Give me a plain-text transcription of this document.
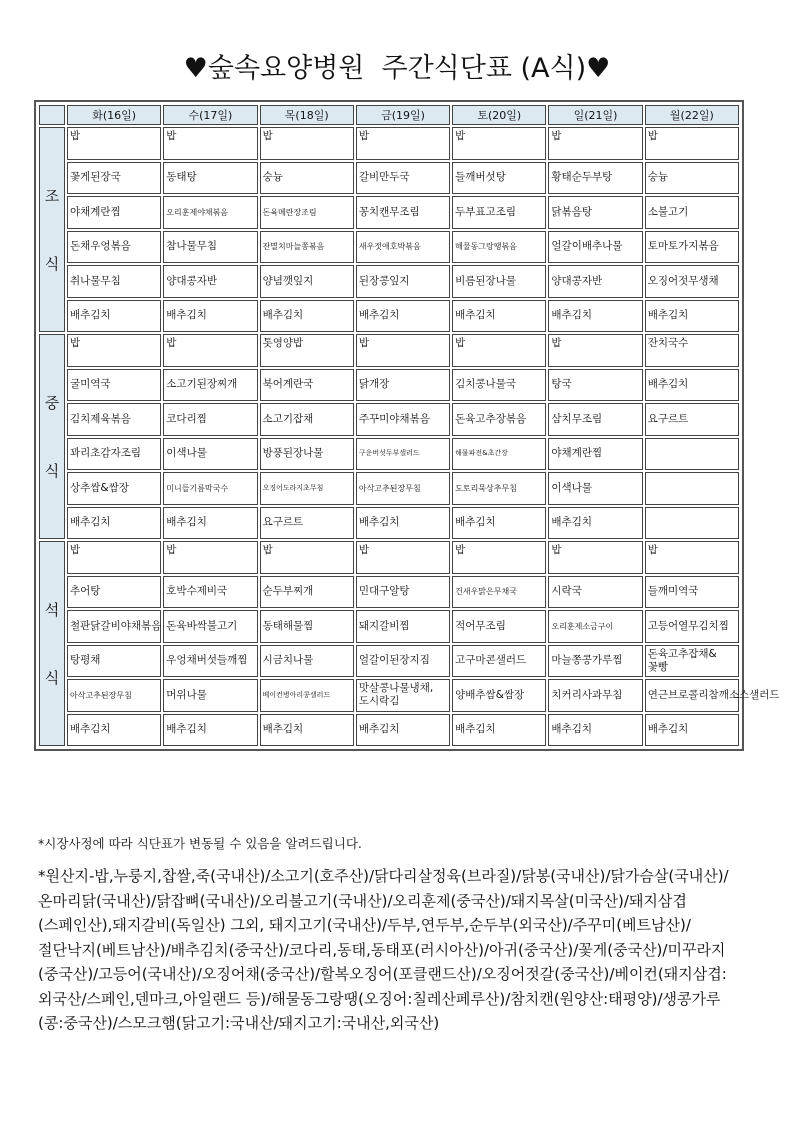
♥숲속요양병원  주간식단표 (A식)♥
	화(16일)	수(17일)	목(18일)	금(19일)	토(20일)	일(21일)	월(22일)
조

식	밥	밥	밥	밥	밥	밥	밥
	꽃게된장국	동태탕	숭늉	갈비만두국	들깨버섯탕	황태순두부탕	숭늉
	야채계란찜	오리훈제야채볶음	돈육메란장조림	꽁치캔무조림	두부표고조림	닭볶음탕	소불고기
	돈채우엉볶음	참나물무침	잔멸치마늘쫑볶음	새우젓애호박볶음	해물동그랑땡볶음	얼갈이배추나물	토마토가지볶음
	취나물무침	양대콩자반	양념깻잎지	된장콩잎지	비름된장나물	양대콩자반	오징어젓무생채
	배추김치	배추김치	배추김치	배추김치	배추김치	배추김치	배추김치
중

식	밥	밥	톳영양밥	밥	밥	밥	잔치국수
	굴미역국	소고기된장찌개	북어계란국	닭개장	김치콩나물국	탕국	배추김치
	김치제육볶음	코다리찜	소고기잡채	주꾸미야채볶음	돈육고추장볶음	삼치무조림	요구르트
	꽈리초감자조림	이색나물	방풍된장나물	구운버섯두부샐러드	해물파전&초간장	야채계란찜	
	상추쌈&쌈장	미니들기름막국수	오징어도라지초무침	아삭고추된장무침	도토리묵상추무침	이색나물	
	배추김치	배추김치	요구르트	배추김치	배추김치	배추김치	
석

식	밥	밥	밥	밥	밥	밥	밥
	추어탕	호박수제비국	순두부찌개	민대구알탕	건새우맑은무채국	시락국	들깨미역국
	철판닭갈비야채볶음	돈육바싹불고기	동태해물찜	돼지갈비찜	적어무조림	오리훈제소금구이	고등어열무김치찜
	탕평채	우엉채버섯들깨찜	시금치나물	얼갈이된장지짐	고구마콘샐러드	마늘쫑콩가루찜	돈육고추잡채&꽃빵
	아삭고추된장무침	머위나물	베이컨병아리콩샐러드	맛살콩나물냉채,도시락김	양배추쌈&쌈장	치커리사과무침	연근브로콜리참깨소스샐러드
	배추김치	배추김치	배추김치	배추김치	배추김치	배추김치	배추김치
*시장사정에 따라 식단표가 변동될 수 있음을 알려드립니다.
*원산지-밥,누룽지,찹쌀,죽(국내산)/소고기(호주산)/닭다리살정육(브라질)/닭봉(국내산)/닭가슴살(국내산)/온마리닭(국내산)/닭잡뼈(국내산)/오리불고기(국내산)/오리훈제(중국산)/돼지목살(미국산)/돼지삼겹(스페인산),돼지갈비(독일산) 그외, 돼지고기(국내산)/두부,연두부,순두부(외국산)/주꾸미(베트남산)/절단낙지(베트남산)/배추김치(중국산)/코다리,동태,동태포(러시아산)/아귀(중국산)/꽃게(중국산)/미꾸라지(중국산)/고등어(국내산)/오징어채(중국산)/할복오징어(포클랜드산)/오징어젓갈(중국산)/베이컨(돼지삼겹:외국산/스페인,덴마크,아일랜드 등)/해물동그랑땡(오징어:칠레산페루산)/참치캔(원양산:태평양)/생콩가루(콩:중국산)/스모크햄(닭고기:국내산/돼지고기:국내산,외국산)
